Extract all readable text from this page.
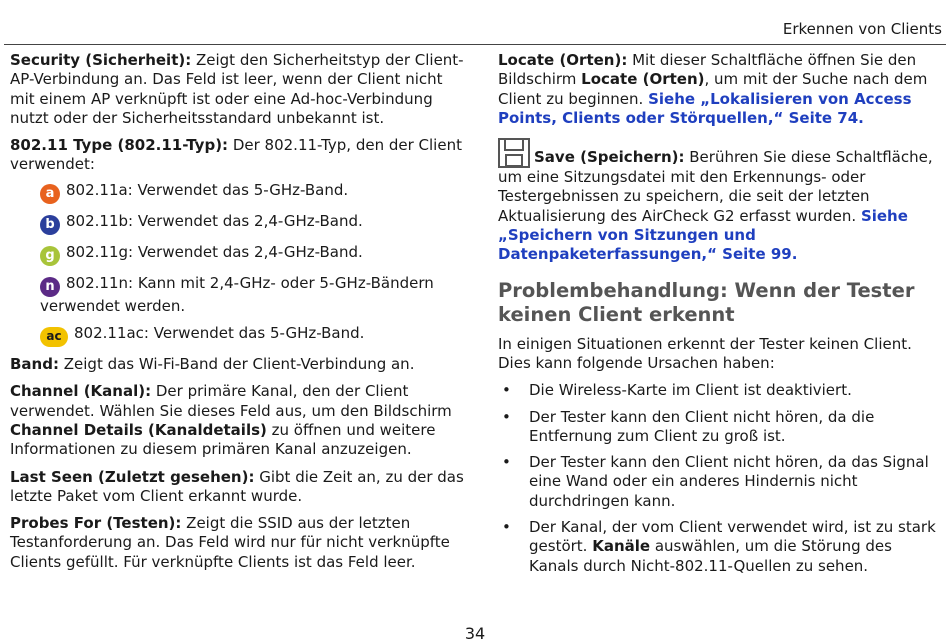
Erkennen von Clients

Security (Sicherheit): Zeigt den Sicherheitstyp der Client-AP-Verbindung an. Das Feld ist leer, wenn der Client nicht mit einem AP verknüpft ist oder eine Ad-hoc-Verbindung nutzt oder der Sicherheitsstandard unbekannt ist.

802.11 Type (802.11-Typ): Der 802.11-Typ, den der Client verwendet:

a 802.11a: Verwendet das 5-GHz-Band.
b 802.11b: Verwendet das 2,4-GHz-Band.
g 802.11g: Verwendet das 2,4-GHz-Band.
n 802.11n: Kann mit 2,4-GHz- oder 5-GHz-Bändern verwendet werden.
ac 802.11ac: Verwendet das 5-GHz-Band.

Band: Zeigt das Wi-Fi-Band der Client-Verbindung an.

Channel (Kanal): Der primäre Kanal, den der Client verwendet. Wählen Sie dieses Feld aus, um den Bildschirm Channel Details (Kanaldetails) zu öffnen und weitere Informationen zu diesem primären Kanal anzuzeigen.

Last Seen (Zuletzt gesehen): Gibt die Zeit an, zu der das letzte Paket vom Client erkannt wurde.

Probes For (Testen): Zeigt die SSID aus der letzten Testanforderung an. Das Feld wird nur für nicht verknüpfte Clients gefüllt. Für verknüpfte Clients ist das Feld leer.

Locate (Orten): Mit dieser Schaltfläche öffnen Sie den Bildschirm Locate (Orten), um mit der Suche nach dem Client zu beginnen. Siehe „Lokalisieren von Access Points, Clients oder Störquellen,“ Seite 74.

Save (Speichern): Berühren Sie diese Schaltfläche, um eine Sitzungsdatei mit den Erkennungs- oder Testergebnissen zu speichern, die seit der letzten Aktualisierung des AirCheck G2 erfasst wurden. Siehe „Speichern von Sitzungen und Datenpaketerfassungen,“ Seite 99.

Problembehandlung: Wenn der Tester keinen Client erkennt

In einigen Situationen erkennt der Tester keinen Client. Dies kann folgende Ursachen haben:

• Die Wireless-Karte im Client ist deaktiviert.
• Der Tester kann den Client nicht hören, da die Entfernung zum Client zu groß ist.
• Der Tester kann den Client nicht hören, da das Signal eine Wand oder ein anderes Hindernis nicht durchdringen kann.
• Der Kanal, der vom Client verwendet wird, ist zu stark gestört. Kanäle auswählen, um die Störung des Kanals durch Nicht-802.11-Quellen zu sehen.
34
